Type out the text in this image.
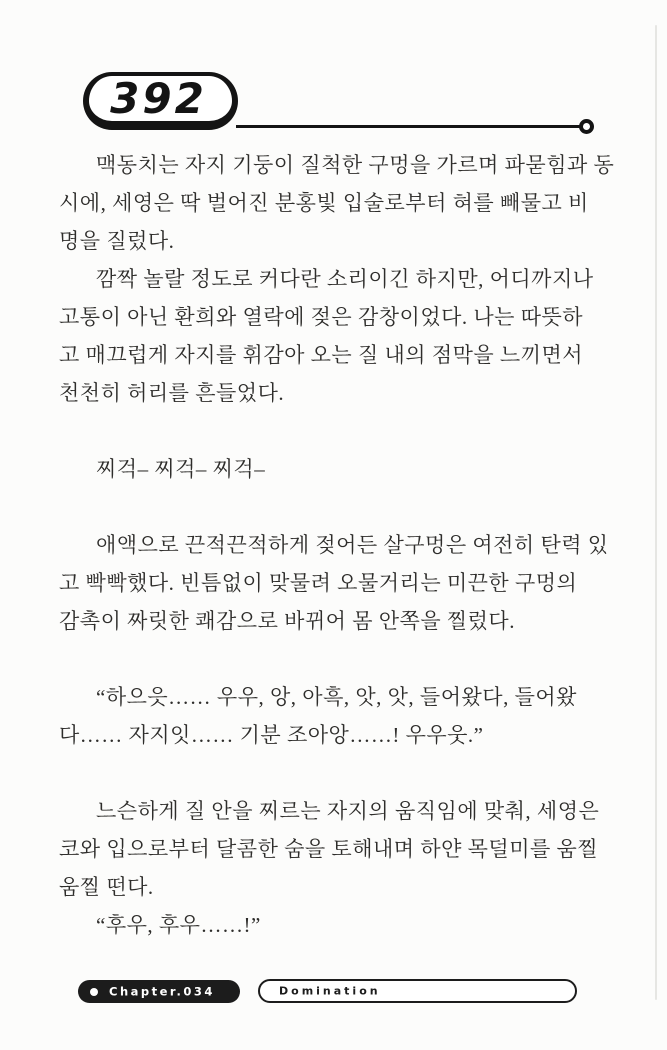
392
맥동치는 자지 기둥이 질척한 구멍을 가르며 파묻힘과 동
시에, 세영은 딱 벌어진 분홍빛 입술로부터 혀를 빼물고 비
명을 질렀다.
깜짝 놀랄 정도로 커다란 소리이긴 하지만, 어디까지나
고통이 아닌 환희와 열락에 젖은 감창이었다. 나는 따뜻하
고 매끄럽게 자지를 휘감아 오는 질 내의 점막을 느끼면서
천천히 허리를 흔들었다.
찌걱– 찌걱– 찌걱–
애액으로 끈적끈적하게 젖어든 살구멍은 여전히 탄력 있
고 빡빡했다. 빈틈없이 맞물려 오물거리는 미끈한 구멍의
감촉이 짜릿한 쾌감으로 바뀌어 몸 안쪽을 찔렀다.
“하으읏…… 우우, 앙, 아흑, 앗, 앗, 들어왔다, 들어왔
다…… 자지잇…… 기분 조아앙……! 우우웃.”
느슨하게 질 안을 찌르는 자지의 움직임에 맞춰, 세영은
코와 입으로부터 달콤한 숨을 토해내며 하얀 목덜미를 움찔
움찔 떤다.
“후우, 후우……!”
Chapter.034	Domination
